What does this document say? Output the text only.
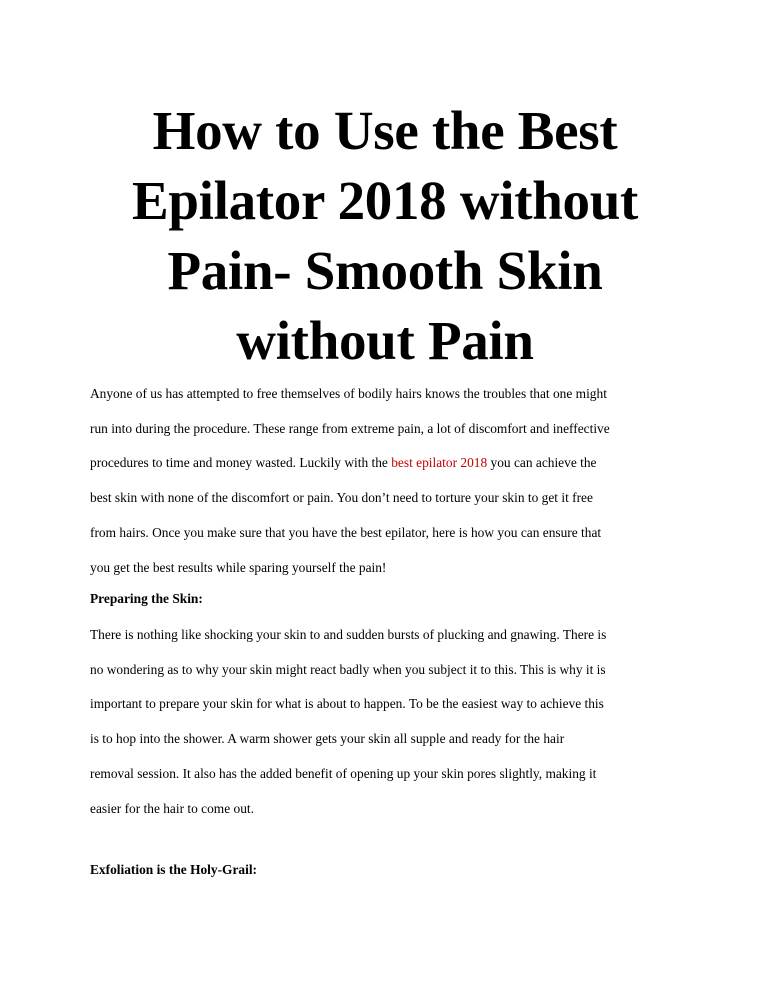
How to Use the Best
Epilator 2018 without
Pain- Smooth Skin
without Pain

Anyone of us has attempted to free themselves of bodily hairs knows the troubles that one might
run into during the procedure. These range from extreme pain, a lot of discomfort and ineffective
procedures to time and money wasted. Luckily with the best epilator 2018 you can achieve the
best skin with none of the discomfort or pain. You don’t need to torture your skin to get it free
from hairs. Once you make sure that you have the best epilator, here is how you can ensure that
you get the best results while sparing yourself the pain!

Preparing the Skin:

There is nothing like shocking your skin to and sudden bursts of plucking and gnawing. There is
no wondering as to why your skin might react badly when you subject it to this. This is why it is
important to prepare your skin for what is about to happen. To be the easiest way to achieve this
is to hop into the shower. A warm shower gets your skin all supple and ready for the hair
removal session. It also has the added benefit of opening up your skin pores slightly, making it
easier for the hair to come out.

Exfoliation is the Holy-Grail:
